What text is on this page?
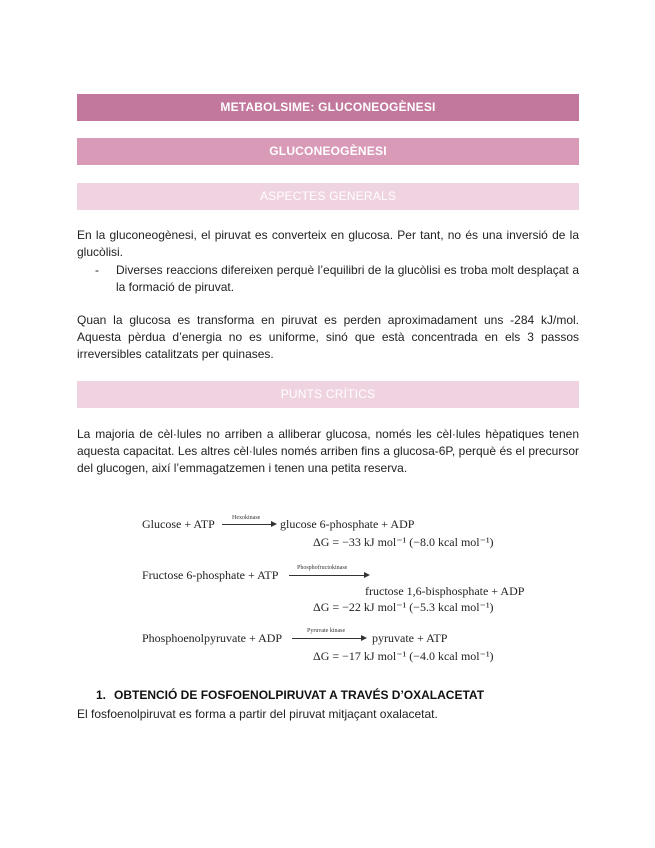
METABOLSIME: GLUCONEOGÈNESI
GLUCONEOGÈNESI
ASPECTES GENERALS

En la gluconeogènesi, el piruvat es converteix en glucosa. Per tant, no és una inversió de la glucòlisi.

- Diverses reaccions difereixen perquè l’equilibri de la glucòlisi es troba molt desplaçat a la formació de piruvat.

Quan la glucosa es transforma en piruvat es perden aproximadament uns -284 kJ/mol. Aquesta pèrdua d’energia no es uniforme, sinó que està concentrada en els 3 passos irreversibles catalitzats per quinases.

PUNTS CRÍTICS

La majoria de cèl·lules no arriben a alliberar glucosa, només les cèl·lules hèpatiques tenen aquesta capacitat. Les altres cèl·lules només arriben fins a glucosa-6P, perquè és el precursor del glucogen, així l’emmagatzemen i tenen una petita reserva.

Glucose + ATP	Hexokinase glucose 6-phosphate + ADP
ΔG = −33 kJ mol⁻¹ (−8.0 kcal mol⁻¹)
Fructose 6-phosphate + ATP	Phosphofructokinase
fructose 1,6-bisphosphate + ADP
ΔG = −22 kJ mol⁻¹ (−5.3 kcal mol⁻¹)
Phosphoenolpyruvate + ADP	Pyruvate kinase pyruvate + ATP
ΔG = −17 kJ mol⁻¹ (−4.0 kcal mol⁻¹)
1. OBTENCIÓ DE FOSFOENOLPIRUVAT A TRAVÉS D’OXALACETAT

El fosfoenolpiruvat es forma a partir del piruvat mitjaçant oxalacetat.
